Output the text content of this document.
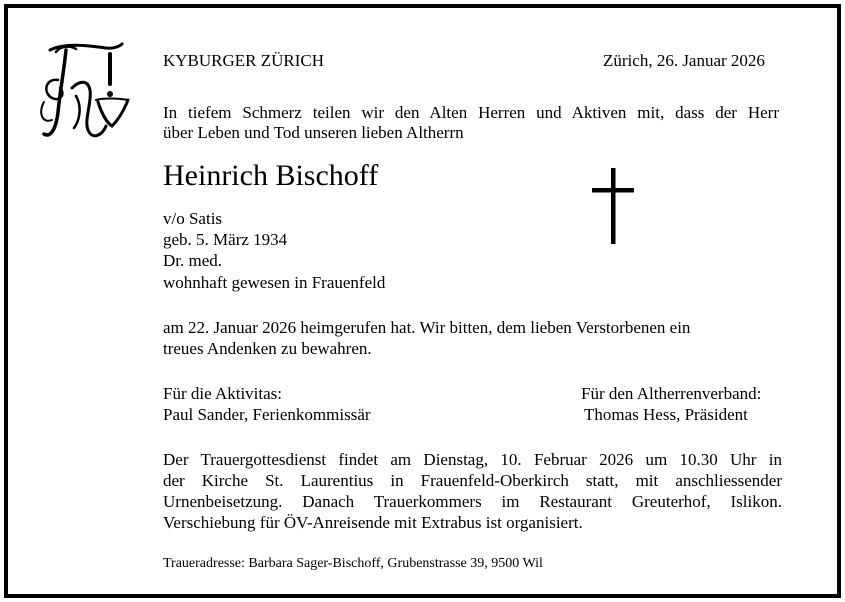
KYBURGER ZÜRICH	Zürich, 26. Januar 2026
In tiefem Schmerz teilen wir den Alten Herren und Aktiven mit, dass der Herr
über Leben und Tod unseren lieben Altherrn
Heinrich Bischoff
v/o Satis
geb. 5. März 1934
Dr. med.
wohnhaft gewesen in Frauenfeld
am 22. Januar 2026 heimgerufen hat. Wir bitten, dem lieben Verstorbenen ein
treues Andenken zu bewahren.
Für die Aktivitas:
Paul Sander, Ferienkommissär
Für den Altherrenverband:
Thomas Hess, Präsident
Der Trauergottesdienst findet am Dienstag, 10. Februar 2026 um 10.30 Uhr in
der Kirche St. Laurentius in Frauenfeld-Oberkirch statt, mit anschliessender
Urnenbeisetzung. Danach Trauerkommers im Restaurant Greuterhof, Islikon.
Verschiebung für ÖV-Anreisende mit Extrabus ist organisiert.
Traueradresse: Barbara Sager-Bischoff, Grubenstrasse 39, 9500 Wil
